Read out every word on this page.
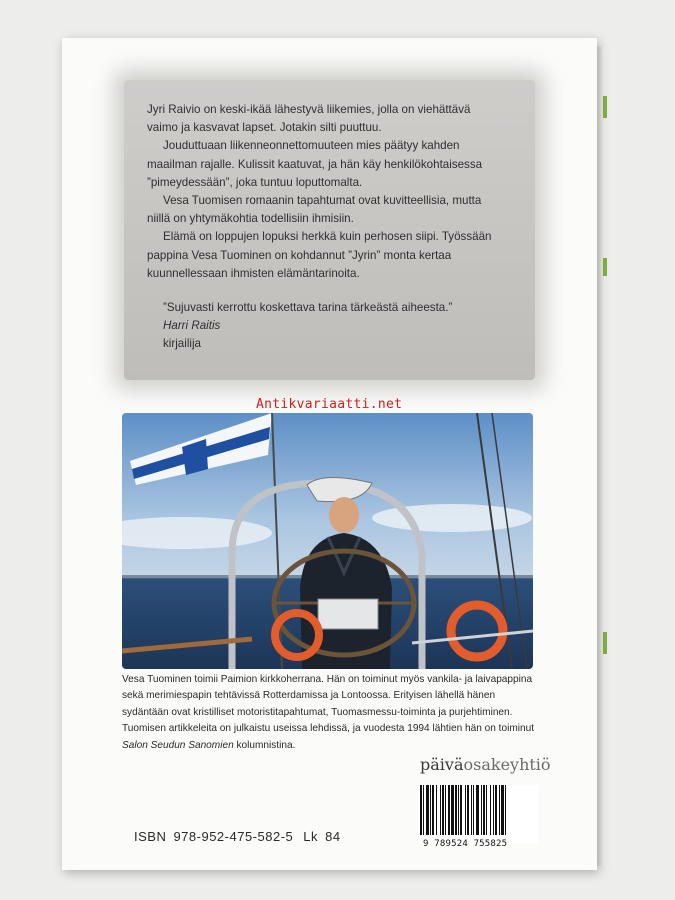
Jyri Raivio on keski-ikää lähestyvä liikemies, jolla on viehättävä vaimo ja kasvavat lapset. Jotakin silti puuttuu.

Jouduttuaan liikenneonnettomuuteen mies päätyy kahden maailman rajalle. Kulissit kaatuvat, ja hän käy henkilökohtaisessa ”pimeydessään”, joka tuntuu loputtomalta.

Vesa Tuomisen romaanin tapahtumat ovat kuvitteellisia, mutta niillä on yhtymäkohtia todellisiin ihmisiin.

Elämä on loppujen lopuksi herkkä kuin perhosen siipi. Työssään pappina Vesa Tuominen on kohdannut ”Jyrin” monta kertaa kuunnellessaan ihmisten elämäntarinoita.

”Sujuvasti kerrottu koskettava tarina tärkeästä aiheesta.”

Harri Raitis

kirjailija

Antikvariaatti.net

Vesa Tuominen toimii Paimion kirkkoherrana. Hän on toiminut myös vankila- ja laivapappina sekä merimiespapin tehtävissä Rotterdamissa ja Lontoossa. Erityisen lähellä hänen sydäntään ovat kristilliset motoristitapahtumat, Tuomasmessu-toiminta ja purjehtiminen. Tuomisen artikkeleita on julkaistu useissa lehdissä, ja vuodesta 1994 lähtien hän on toiminut Salon Seudun Sanomien kolumnistina.

päiväosakeyhtiö
9 789524 755825
ISBN 978-952-475-582-5 Lk 84
